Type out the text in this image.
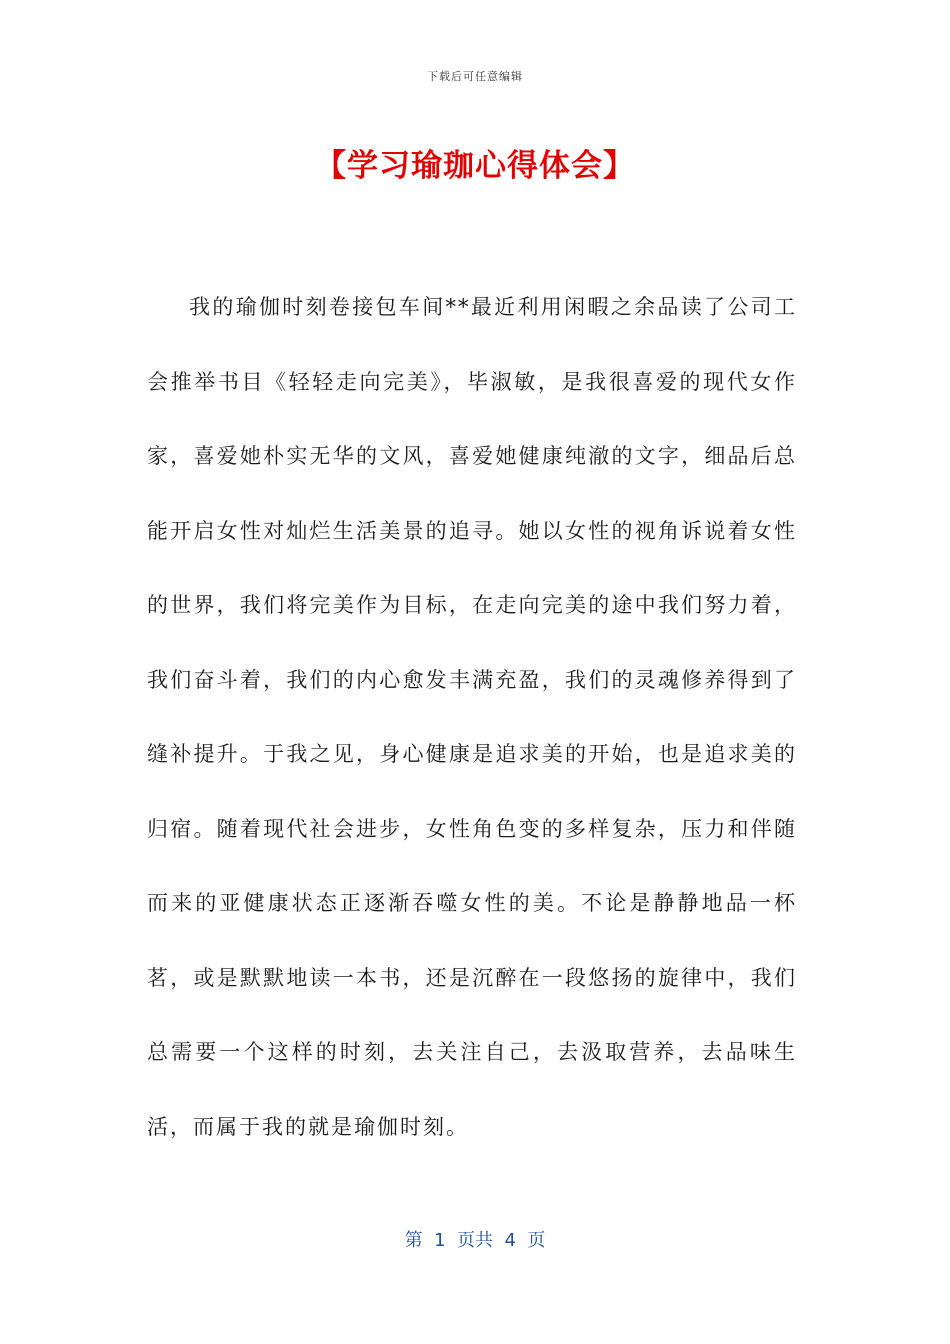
下载后可任意编辑
【学习瑜珈心得体会】

我的瑜伽时刻卷接包车间**最近利用闲暇之余品读了公司工会推举书目《轻轻走向完美》，毕淑敏，是我很喜爱的现代女作家，喜爱她朴实无华的文风，喜爱她健康纯澈的文字，细品后总能开启女性对灿烂生活美景的追寻。她以女性的视角诉说着女性的世界，我们将完美作为目标，在走向完美的途中我们努力着，我们奋斗着，我们的内心愈发丰满充盈，我们的灵魂修养得到了缝补提升。于我之见，身心健康是追求美的开始，也是追求美的归宿。随着现代社会进步，女性角色变的多样复杂，压力和伴随而来的亚健康状态正逐渐吞噬女性的美。不论是静静地品一杯茗，或是默默地读一本书，还是沉醉在一段悠扬的旋律中，我们总需要一个这样的时刻，去关注自己，去汲取营养，去品味生活，而属于我的就是瑜伽时刻。

第  1  页共  4  页
